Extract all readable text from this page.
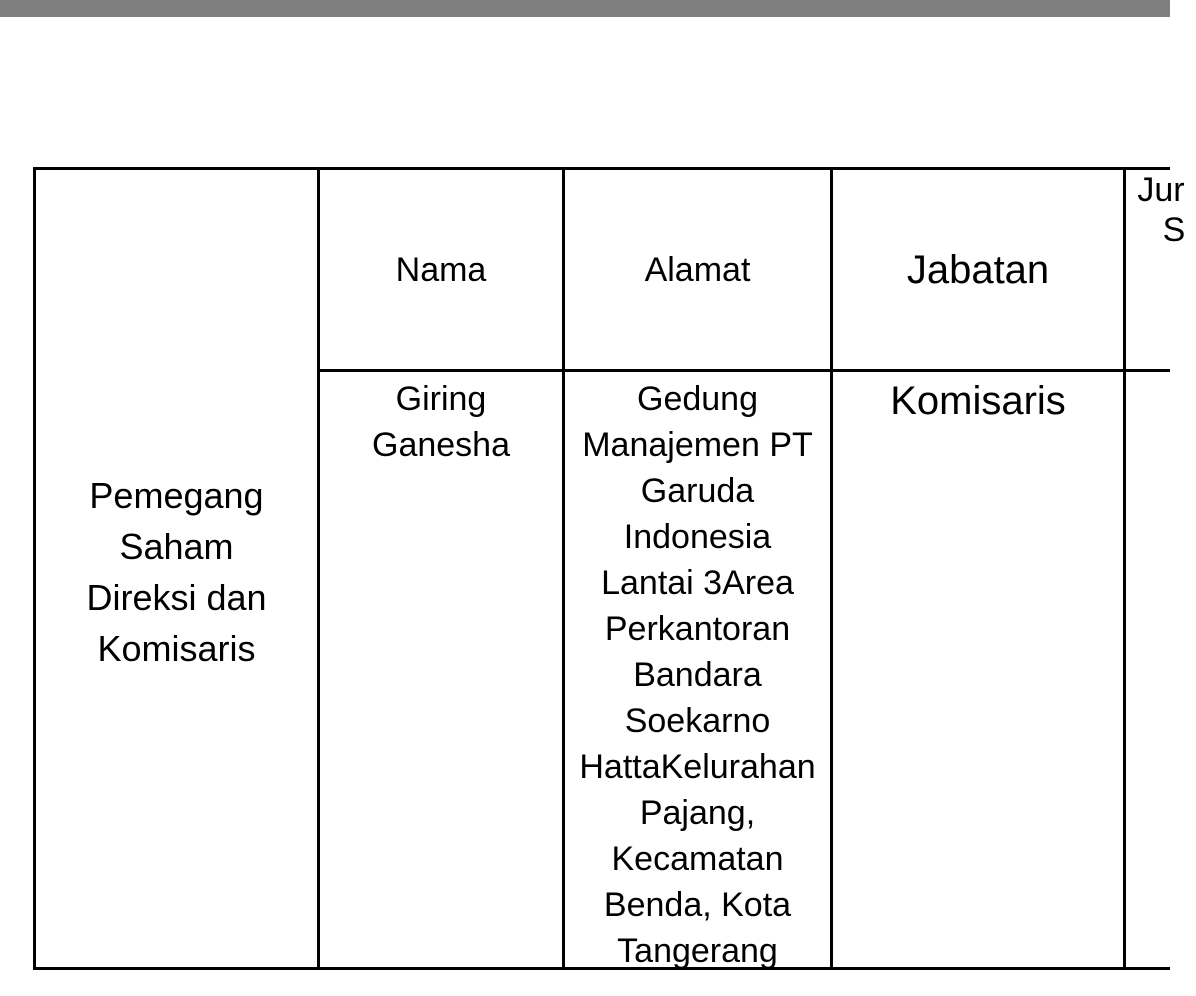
Pemegang
Saham
Direksi dan
Komisaris
Nama	Alamat	Jabatan
Jur
S
Giring
Ganesha
Gedung
Manajemen PT
Garuda
Indonesia
Lantai 3Area
Perkantoran
Bandara
Soekarno
HattaKelurahan
Pajang,
Kecamatan
Benda, Kota
Tangerang
Komisaris
